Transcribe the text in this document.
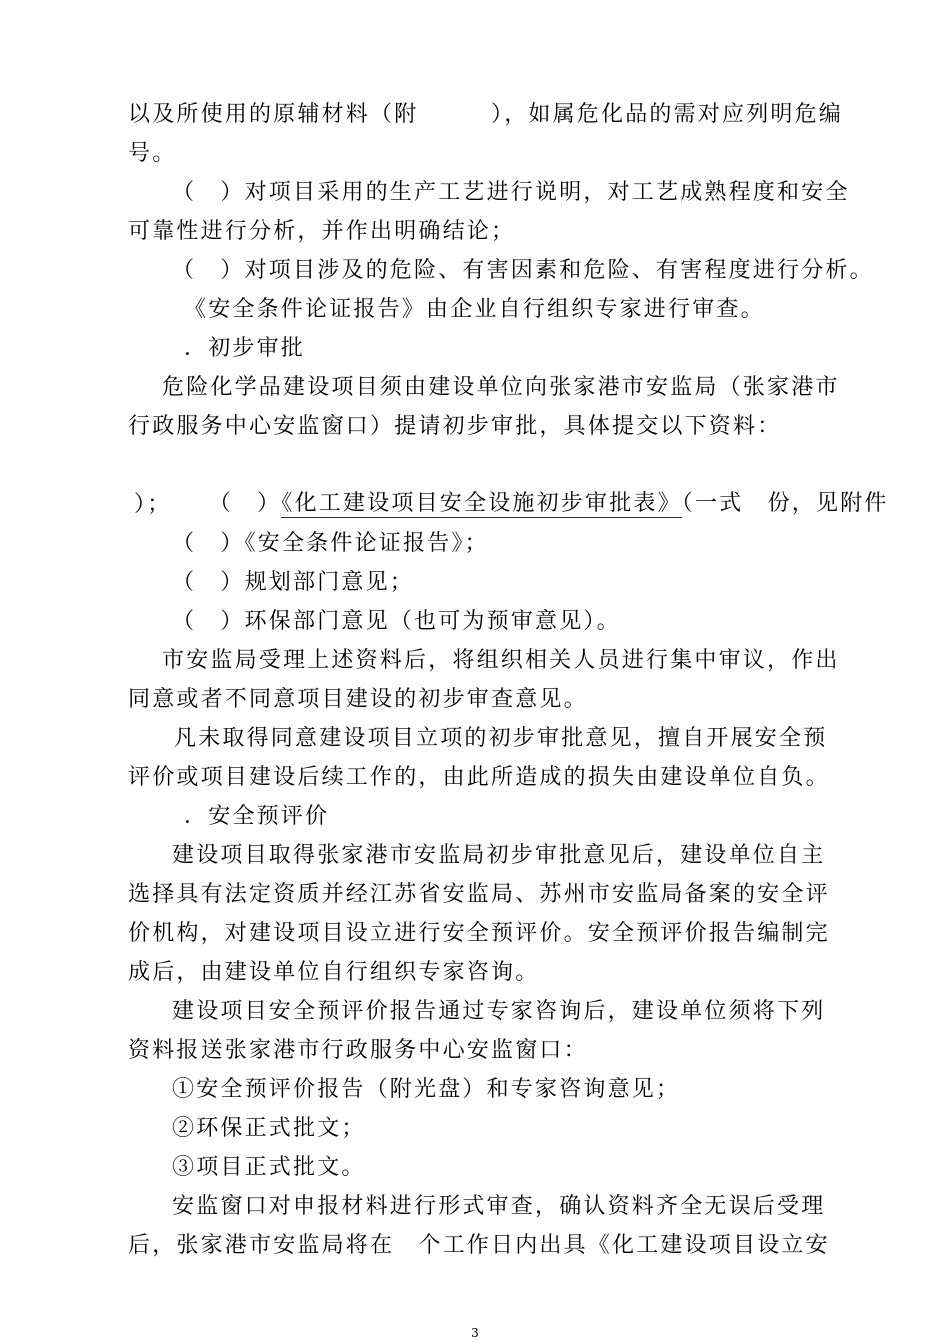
以及所使用的原辅材料（附　　　），如属危化品的需对应列明危编
号。
（　）对项目采用的生产工艺进行说明，对工艺成熟程度和安全
可靠性进行分析，并作出明确结论；
（　）对项目涉及的危险、有害因素和危险、有害程度进行分析。
《安全条件论证报告》由企业自行组织专家进行审查。
．初步审批
危险化学品建设项目须由建设单位向张家港市安监局（张家港市
行政服务中心安监窗口）提请初步审批，具体提交以下资料：

（　）《化工建设项目安全设施初步审批表》（一式　份，见附件

）；
（　）《安全条件论证报告》；
（　）规划部门意见；
（　）环保部门意见（也可为预审意见）。
市安监局受理上述资料后，将组织相关人员进行集中审议，作出
同意或者不同意项目建设的初步审查意见。
凡未取得同意建设项目立项的初步审批意见，擅自开展安全预
评价或项目建设后续工作的，由此所造成的损失由建设单位自负。
．安全预评价
建设项目取得张家港市安监局初步审批意见后，建设单位自主
选择具有法定资质并经江苏省安监局、苏州市安监局备案的安全评
价机构，对建设项目设立进行安全预评价。安全预评价报告编制完
成后，由建设单位自行组织专家咨询。
建设项目安全预评价报告通过专家咨询后，建设单位须将下列
资料报送张家港市行政服务中心安监窗口：
①安全预评价报告（附光盘）和专家咨询意见；
②环保正式批文；
③项目正式批文。
安监窗口对申报材料进行形式审查，确认资料齐全无误后受理
后，张家港市安监局将在　个工作日内出具《化工建设项目设立安
3
